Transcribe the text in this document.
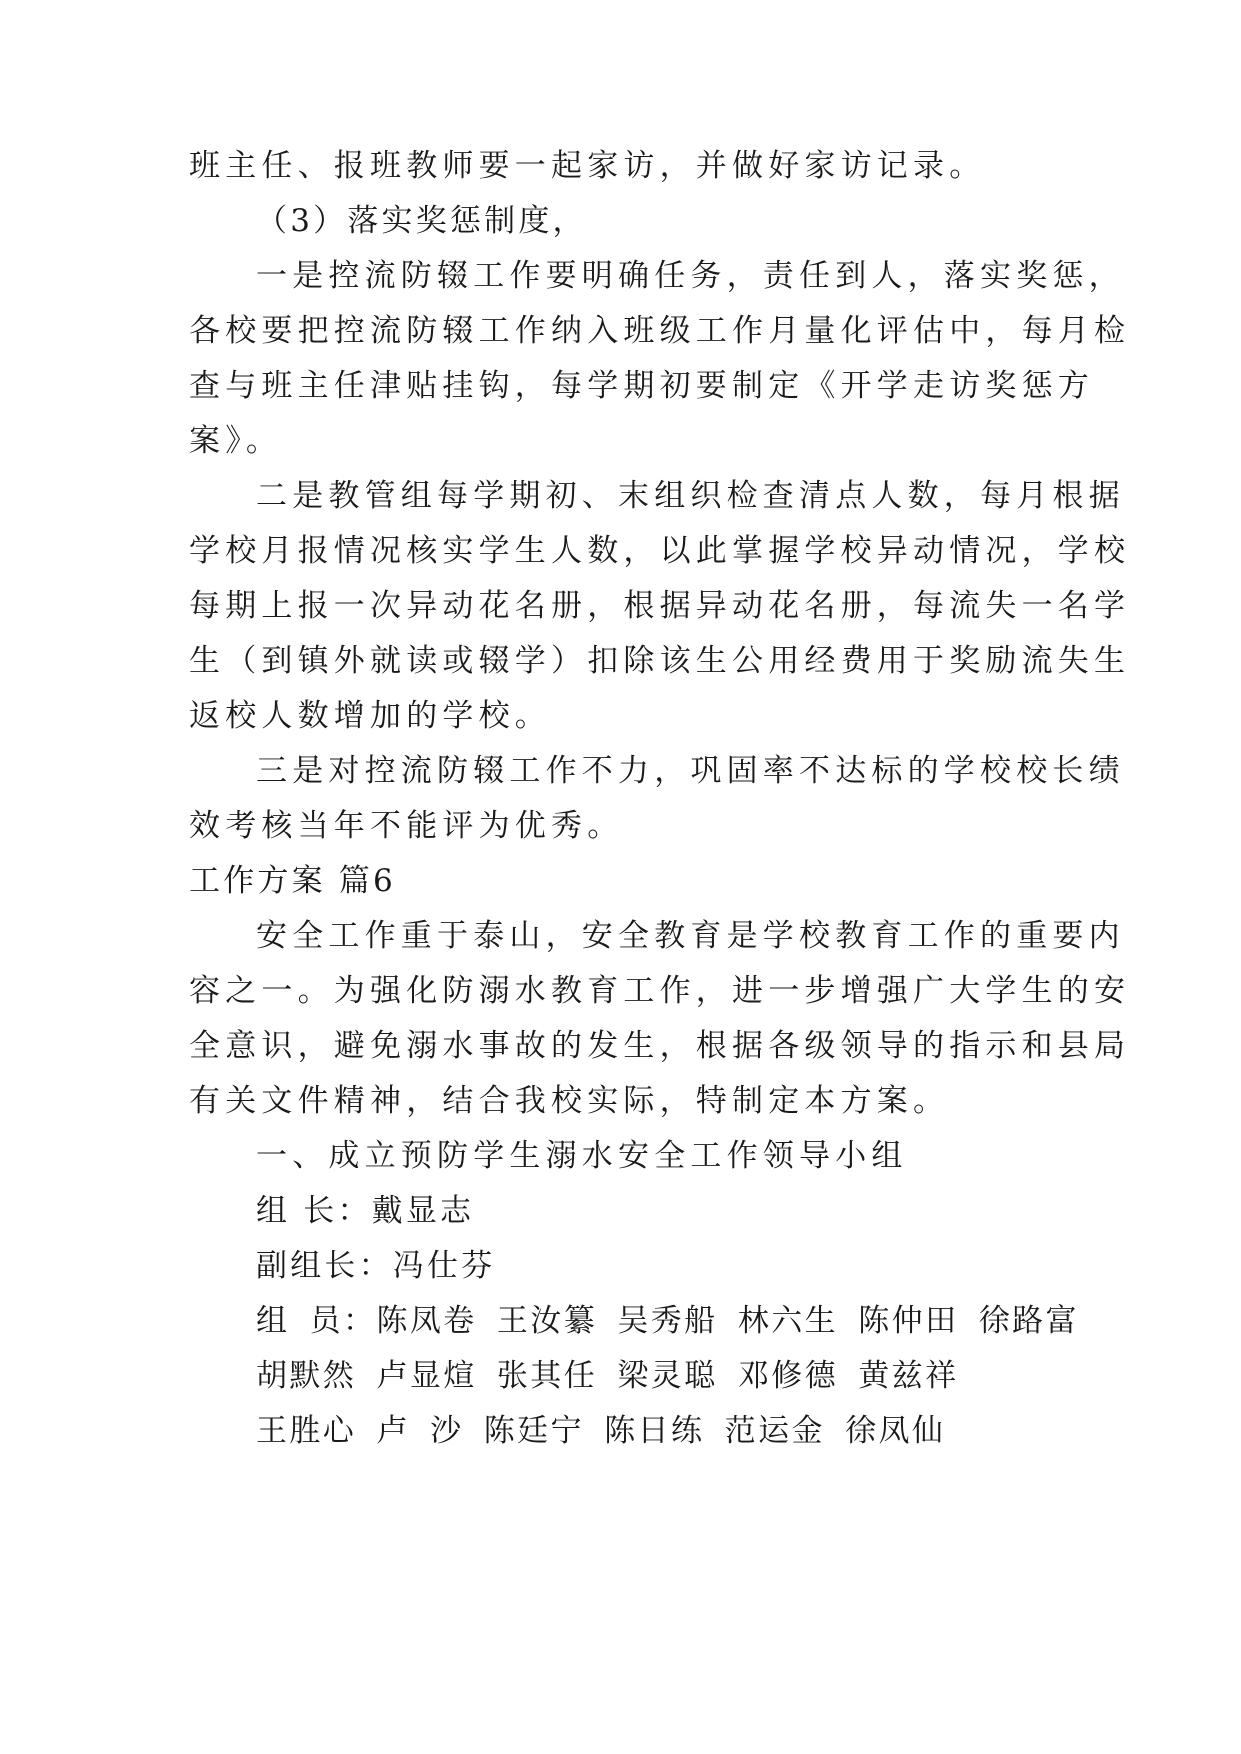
班主任、报班教师要一起家访，并做好家访记录。
（3）落实奖惩制度，
一是控流防辍工作要明确任务，责任到人，落实奖惩，
各校要把控流防辍工作纳入班级工作月量化评估中，每月检
查与班主任津贴挂钩，每学期初要制定《开学走访奖惩方
案》。
二是教管组每学期初、末组织检查清点人数，每月根据
学校月报情况核实学生人数，以此掌握学校异动情况，学校
每期上报一次异动花名册，根据异动花名册，每流失一名学
生（到镇外就读或辍学）扣除该生公用经费用于奖励流失生
返校人数增加的学校。
三是对控流防辍工作不力，巩固率不达标的学校校长绩
效考核当年不能评为优秀。
工作方案 篇6
安全工作重于泰山，安全教育是学校教育工作的重要内
容之一。为强化防溺水教育工作，进一步增强广大学生的安
全意识，避免溺水事故的发生，根据各级领导的指示和县局
有关文件精神，结合我校实际，特制定本方案。
一、成立预防学生溺水安全工作领导小组
组 长：戴显志
副组长：冯仕芬
组 员：陈凤卷 王汝纂 吴秀船 林六生 陈仲田 徐路富
胡默然 卢显煊 张其任 梁灵聪 邓修德 黄兹祥
王胜心 卢 沙 陈廷宁 陈日练 范运金 徐凤仙
